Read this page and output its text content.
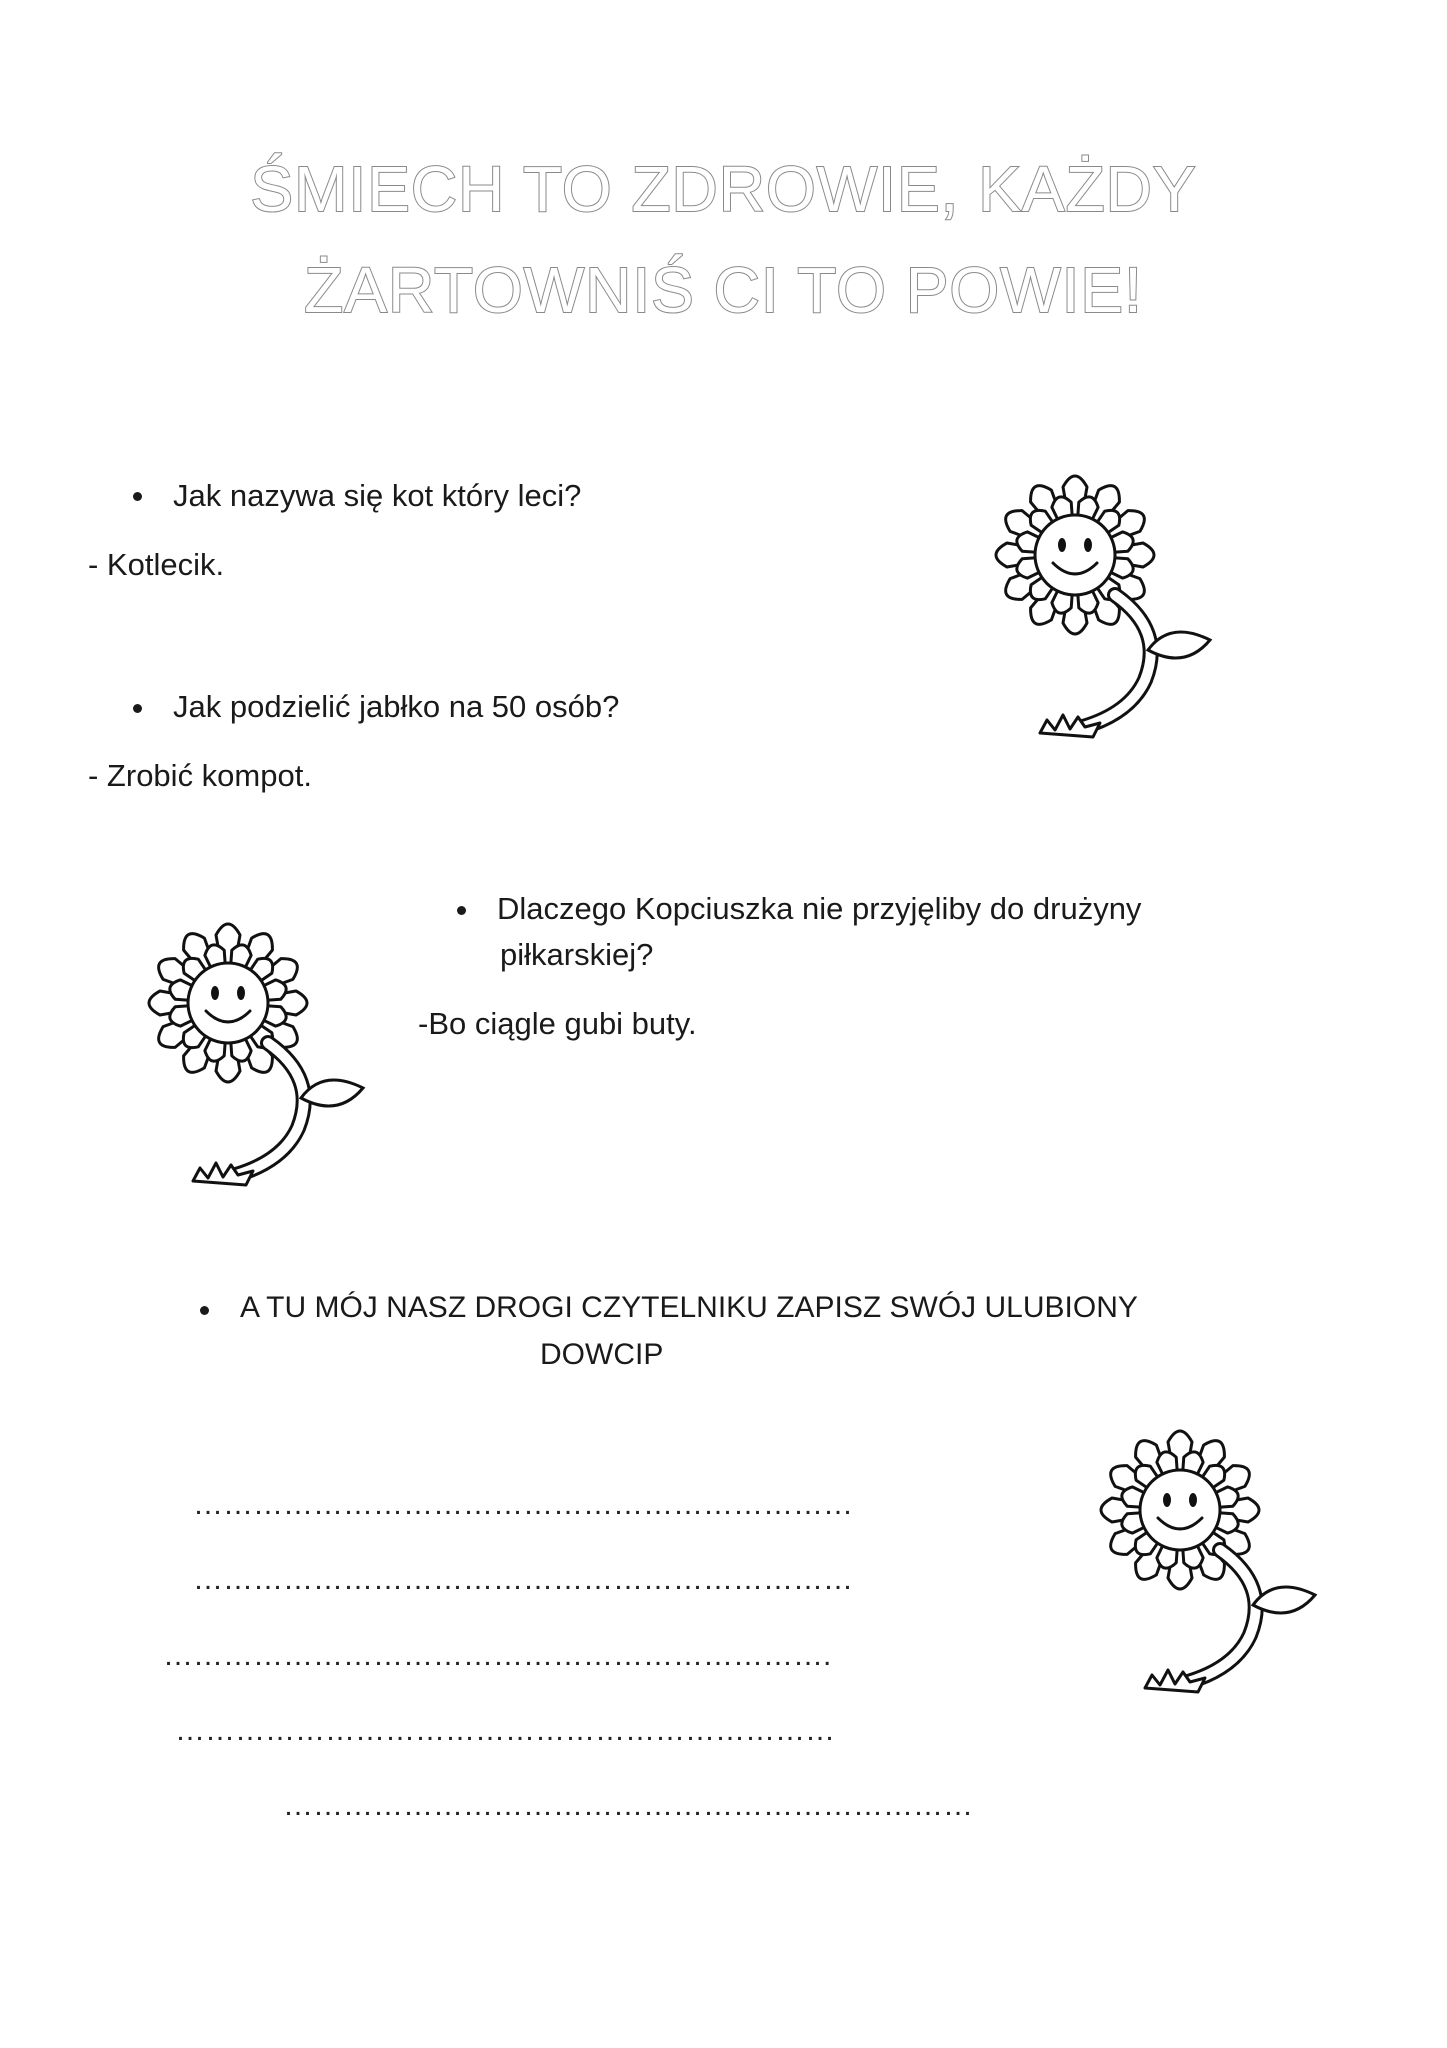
ŚMIECH TO ZDROWIE, KAŻDY
ŻARTOWNIŚ CI TO POWIE!
Jak nazywa się kot który leci?
- Kotlecik.
Jak podzielić jabłko na 50 osób?
- Zrobić kompot.
Dlaczego Kopciuszka nie przyjęliby do drużyny
piłkarskiej?
-Bo ciągle gubi buty.
A TU MÓJ NASZ DROGI CZYTELNIKU ZAPISZ SWÓJ ULUBIONY
DOWCIP
…………………………………………………………
…………………………………………………………
………………………………………………………….
…………………………………………………………
……………………………………………………………
